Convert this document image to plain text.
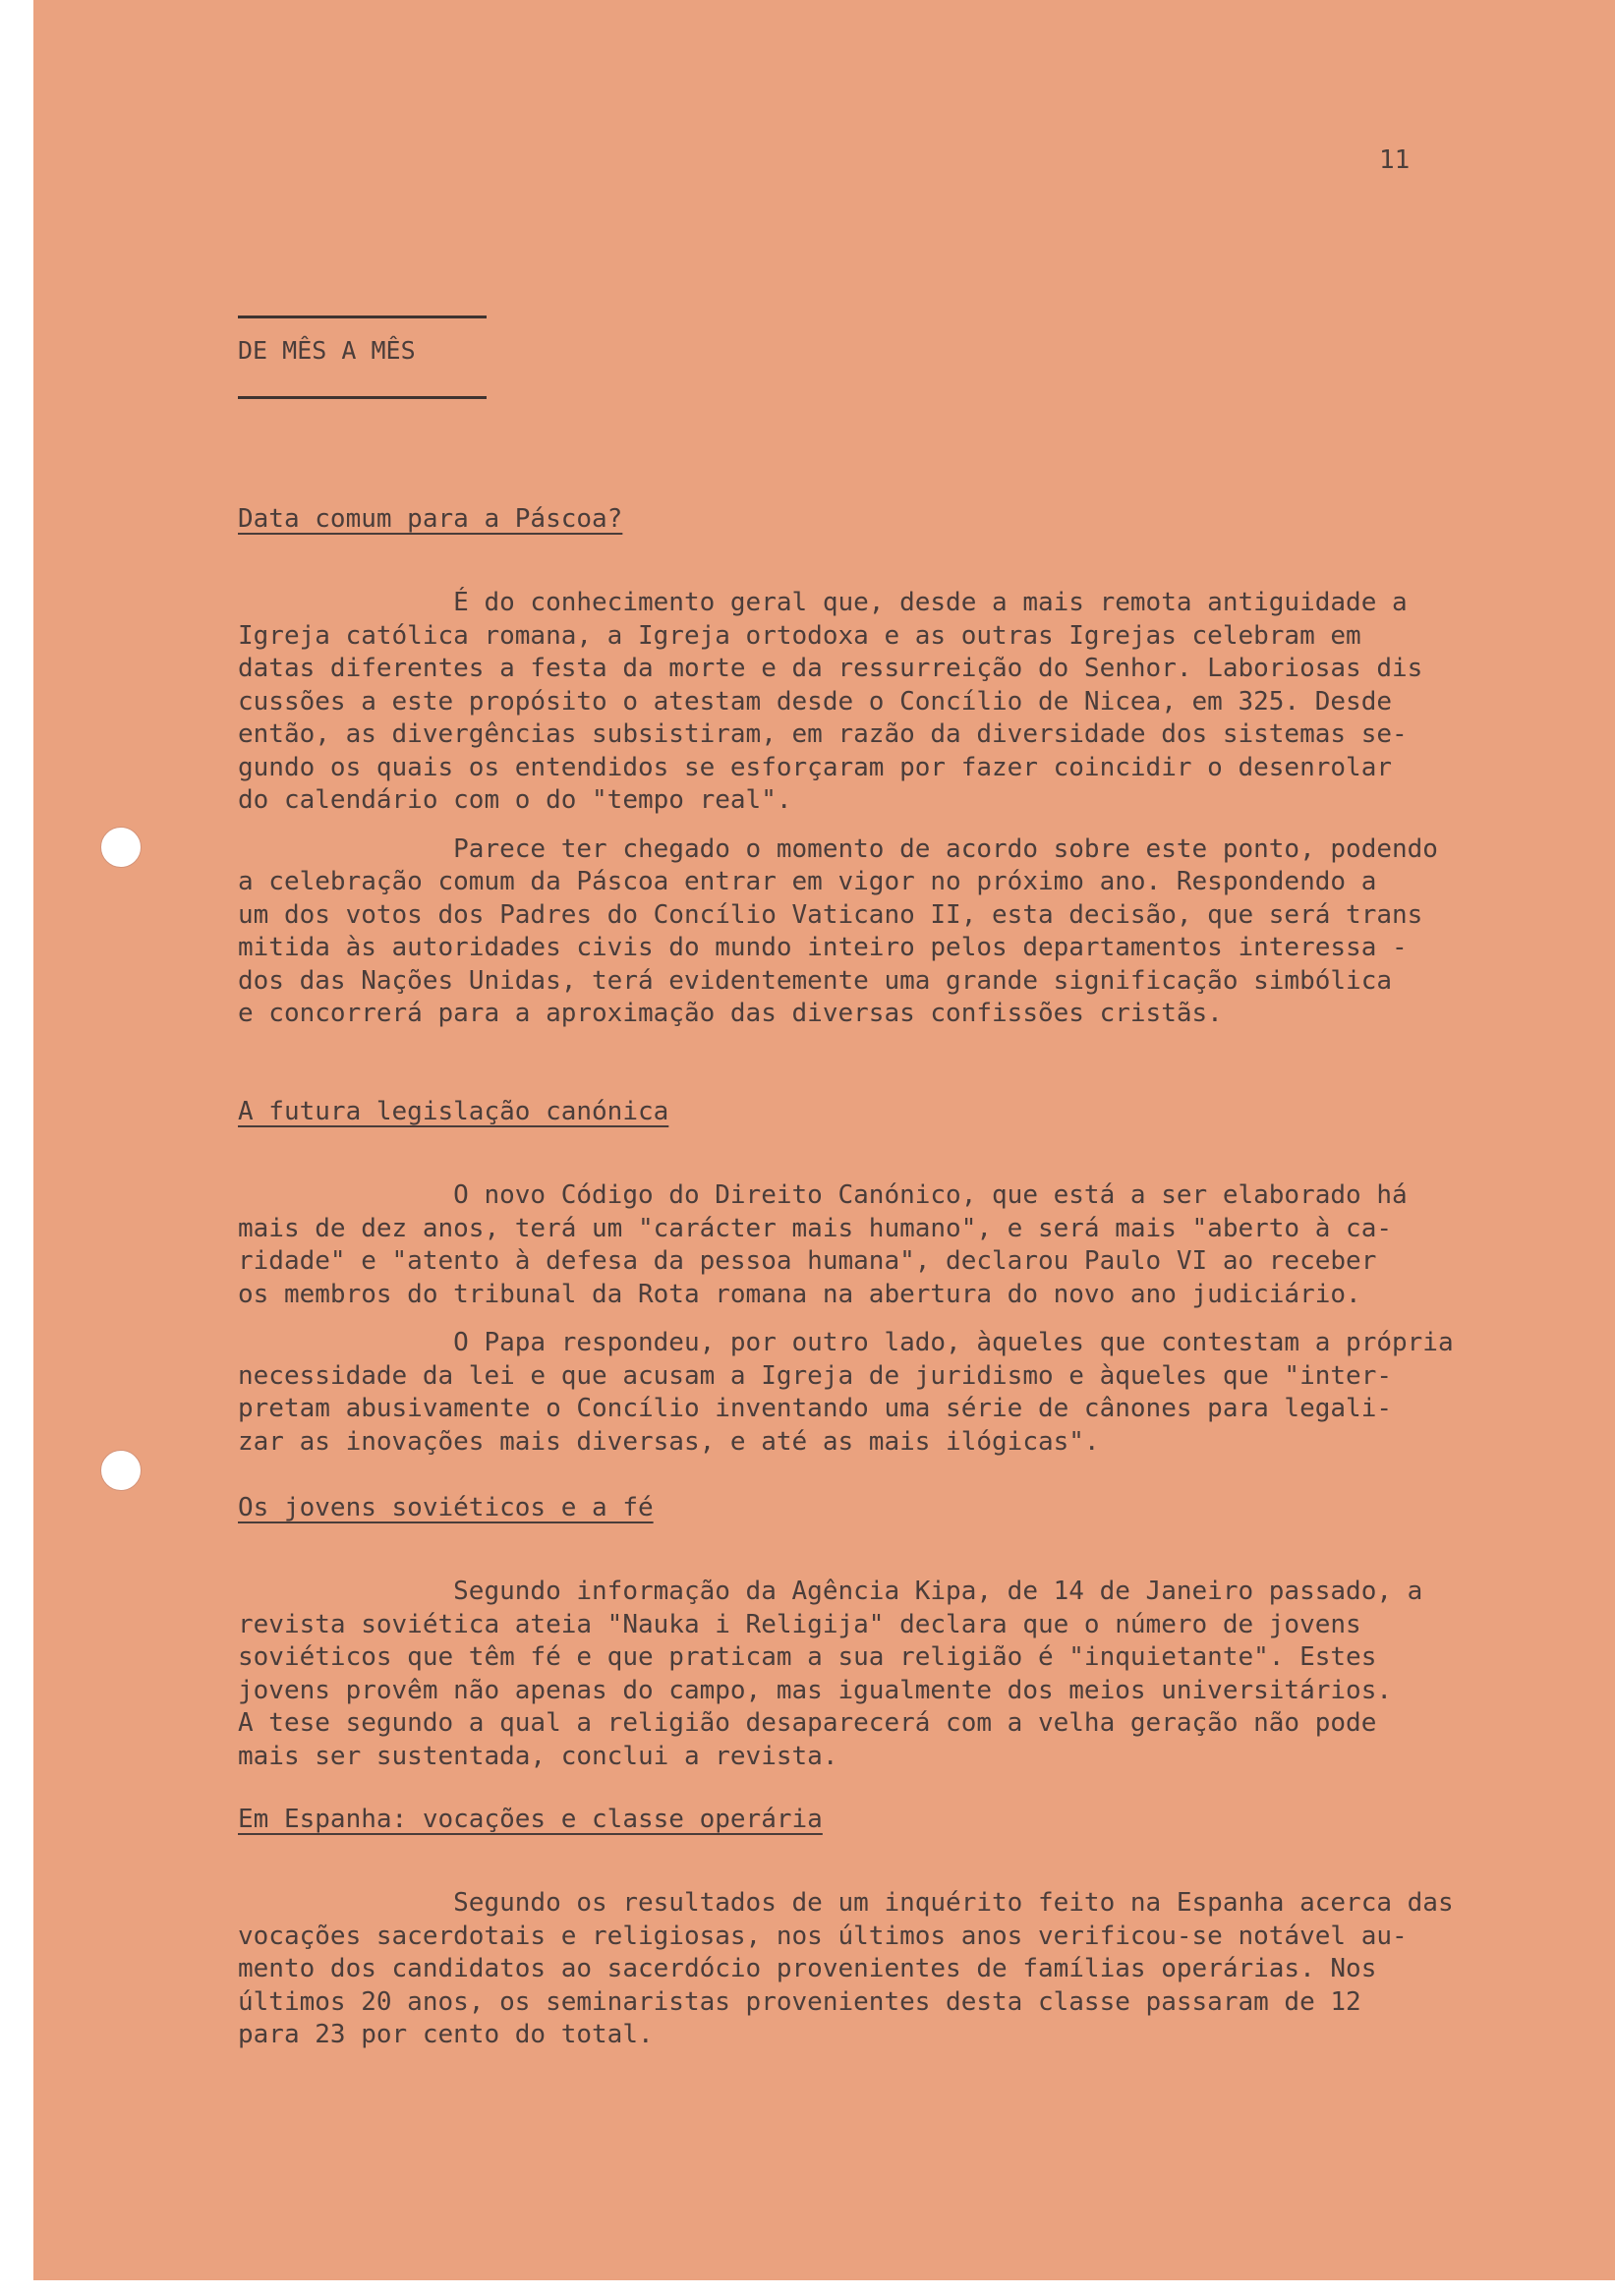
11
DE MÊS A MÊS
Data comum para a Páscoa?
É do conhecimento geral que, desde a mais remota antiguidade a
Igreja católica romana, a Igreja ortodoxa e as outras Igrejas celebram em
datas diferentes a festa da morte e da ressurreição do Senhor. Laboriosas dis
cussões a este propósito o atestam desde o Concílio de Nicea, em 325. Desde
então, as divergências subsistiram, em razão da diversidade dos sistemas se-
gundo os quais os entendidos se esforçaram por fazer coincidir o desenrolar
do calendário com o do "tempo real".
Parece ter chegado o momento de acordo sobre este ponto, podendo
a celebração comum da Páscoa entrar em vigor no próximo ano. Respondendo a
um dos votos dos Padres do Concílio Vaticano II, esta decisão, que será trans
mitida às autoridades civis do mundo inteiro pelos departamentos interessa -
dos das Nações Unidas, terá evidentemente uma grande significação simbólica
e concorrerá para a aproximação das diversas confissões cristãs.
A futura legislação canónica
O novo Código do Direito Canónico, que está a ser elaborado há
mais de dez anos, terá um "carácter mais humano", e será mais "aberto à ca-
ridade" e "atento à defesa da pessoa humana", declarou Paulo VI ao receber
os membros do tribunal da Rota romana na abertura do novo ano judiciário.
O Papa respondeu, por outro lado, àqueles que contestam a própria
necessidade da lei e que acusam a Igreja de juridismo e àqueles que "inter-
pretam abusivamente o Concílio inventando uma série de cânones para legali-
zar as inovações mais diversas, e até as mais ilógicas".
Os jovens soviéticos e a fé
Segundo informação da Agência Kipa, de 14 de Janeiro passado, a
revista soviética ateia "Nauka i Religija" declara que o número de jovens
soviéticos que têm fé e que praticam a sua religião é "inquietante". Estes
jovens provêm não apenas do campo, mas igualmente dos meios universitários.
A tese segundo a qual a religião desaparecerá com a velha geração não pode
mais ser sustentada, conclui a revista.
Em Espanha: vocações e classe operária
Segundo os resultados de um inquérito feito na Espanha acerca das
vocações sacerdotais e religiosas, nos últimos anos verificou-se notável au-
mento dos candidatos ao sacerdócio provenientes de famílias operárias. Nos
últimos 20 anos, os seminaristas provenientes desta classe passaram de 12
para 23 por cento do total.
